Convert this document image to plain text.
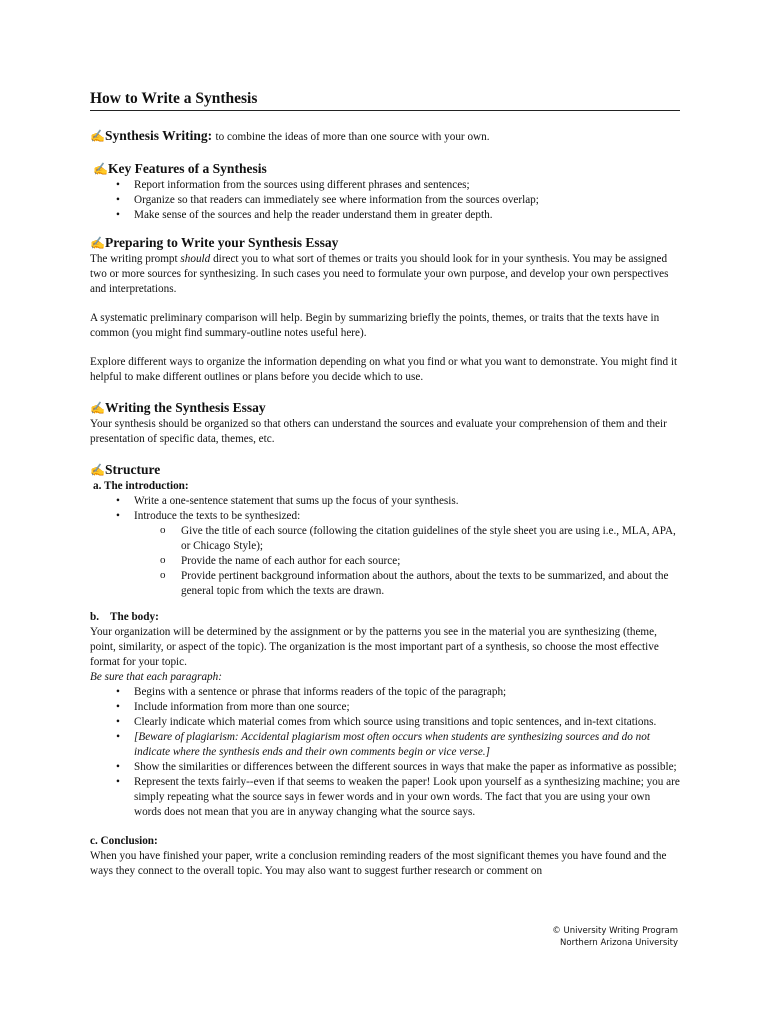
How to Write a Synthesis

✍Synthesis Writing: to combine the ideas of more than one source with your own.

✍Key Features of a Synthesis

• Report information from the sources using different phrases and sentences;
• Organize so that readers can immediately see where information from the sources overlap;
• Make sense of the sources and help the reader understand them in greater depth.

✍Preparing to Write your Synthesis Essay

The writing prompt should direct you to what sort of themes or traits you should look for in your synthesis. You may be assigned two or more sources for synthesizing. In such cases you need to formulate your own purpose, and develop your own perspectives and interpretations.

A systematic preliminary comparison will help. Begin by summarizing briefly the points, themes, or traits that the texts have in common (you might find summary-outline notes useful here).

Explore different ways to organize the information depending on what you find or what you want to demonstrate. You might find it helpful to make different outlines or plans before you decide which to use.

✍Writing the Synthesis Essay

Your synthesis should be organized so that others can understand the sources and evaluate your comprehension of them and their presentation of specific data, themes, etc.

✍Structure

a. The introduction:

• Write a one-sentence statement that sums up the focus of your synthesis.
• Introduce the texts to be synthesized:
o Give the title of each source (following the citation guidelines of the style sheet you are using i.e., MLA, APA, or Chicago Style);
o Provide the name of each author for each source;
o Provide pertinent background information about the authors, about the texts to be summarized, and about the general topic from which the texts are drawn.

b.    The body:

Your organization will be determined by the assignment or by the patterns you see in the material you are synthesizing (theme, point, similarity, or aspect of the topic). The organization is the most important part of a synthesis, so choose the most effective format for your topic.

Be sure that each paragraph:

• Begins with a sentence or phrase that informs readers of the topic of the paragraph;
• Include information from more than one source;
• Clearly indicate which material comes from which source using transitions and topic sentences, and in-text citations.
• [Beware of plagiarism: Accidental plagiarism most often occurs when students are synthesizing sources and do not indicate where the synthesis ends and their own comments begin or vice verse.]
• Show the similarities or differences between the different sources in ways that make the paper as informative as possible;
• Represent the texts fairly--even if that seems to weaken the paper! Look upon yourself as a synthesizing machine; you are simply repeating what the source says in fewer words and in your own words. The fact that you are using your own words does not mean that you are in anyway changing what the source says.

c. Conclusion:

When you have finished your paper, write a conclusion reminding readers of the most significant themes you have found and the ways they connect to the overall topic. You may also want to suggest further research or comment on

© University Writing Program
Northern Arizona University
